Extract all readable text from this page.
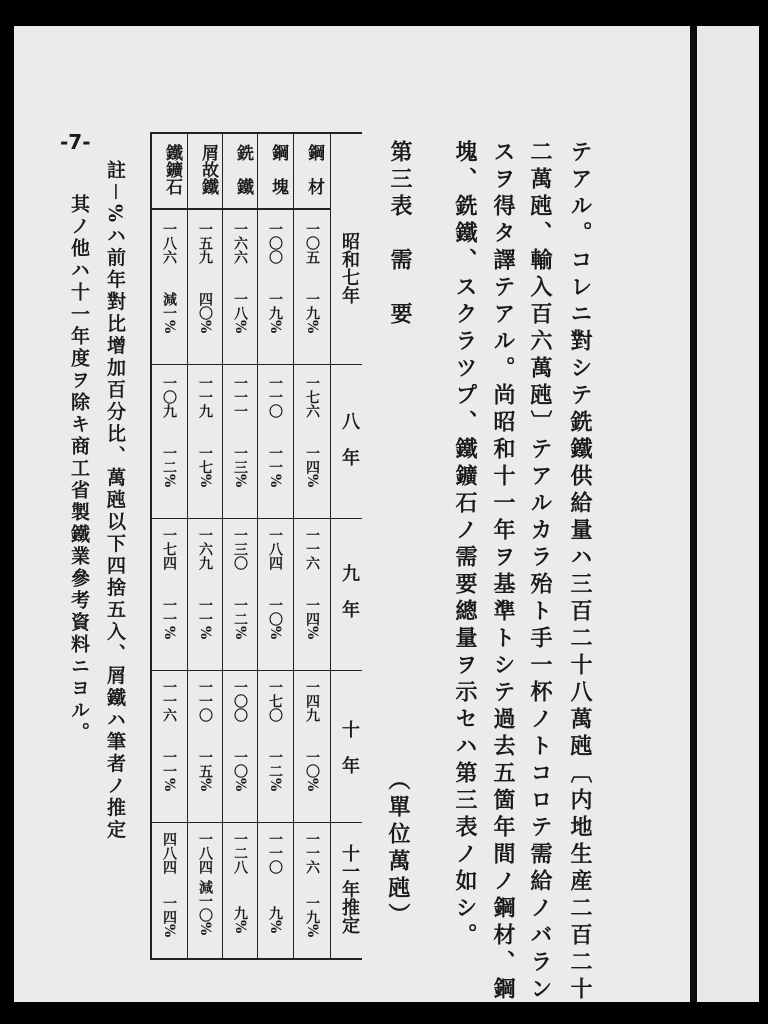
-7-	テアル。コレニ對シテ銑鐵供給量ハ三百二十八萬瓲〔内地生産二百二十
二萬瓲、輸入百六萬瓲〕テアルカラ殆ト手一杯ノトコロテ需給ノバラン
スヲ得タ譯テアル。尚昭和十一年ヲ基準トシテ過去五箇年間ノ鋼材、鋼
塊、銑鐵、スクラツプ、鐵鑛石ノ需要總量ヲ示セハ第三表ノ如シ。
第三表　需　要
（單位萬瓲）
鋼　材
鋼　塊
銑　鐵
屑故鐵
鐵鑛石
昭和七年
八　年
九　年
十　年
十一年推定
一〇五
一九%
一七六
一四%
一一六
一四%
一四九
一〇%
一一六
一九%
一〇〇
一九%
一一〇
一一%
一八四
一〇%
一七〇
一二%
一一〇
九%
一六六
一八%
一一一
一三%
一三〇
一二%
一〇〇
一〇%
一二八
九%
一五九
四〇%
一一九
一七%
一六九
一一%
一一〇
一五%
一八四
減一〇%
一八六
減一%
一〇九
一二%
一七四
一一%
一一六
一一%
四八四
一四%
註－%ハ前年對比增加百分比、萬瓲以下四捨五入、屑鐵ハ筆者ノ推定
其ノ他ハ十一年度ヲ除キ商工省製鐵業參考資料ニヨル。
